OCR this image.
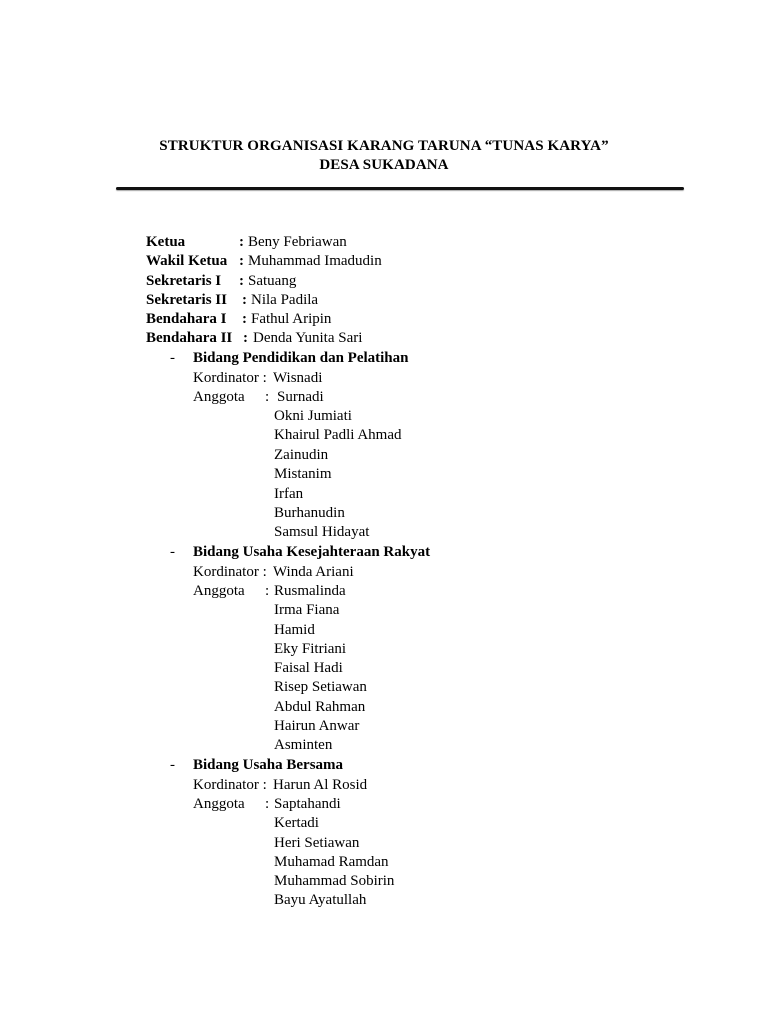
STRUKTUR ORGANISASI KARANG TARUNA “TUNAS KARYA”
DESA SUKADANA
Ketua	: Beny Febriawan
Wakil Ketua : Muhammad Imadudin
Sekretaris I : Satuang
Sekretaris II : Nila Padila
Bendahara I : Fathul Aripin
Bendahara II : Denda Yunita Sari
- Bidang Pendidikan dan Pelatihan
Kordinator : Wisnadi
Anggota : Surnadi
Okni Jumiati
Khairul Padli Ahmad
Zainudin
Mistanim
Irfan
Burhanudin
Samsul Hidayat
- Bidang Usaha Kesejahteraan Rakyat
Kordinator : Winda Ariani
Anggota : Rusmalinda
Irma Fiana
Hamid
Eky Fitriani
Faisal Hadi
Risep Setiawan
Abdul Rahman
Hairun Anwar
Asminten
- Bidang Usaha Bersama
Kordinator : Harun Al Rosid
Anggota : Saptahandi
Kertadi
Heri Setiawan
Muhamad Ramdan
Muhammad Sobirin
Bayu Ayatullah
